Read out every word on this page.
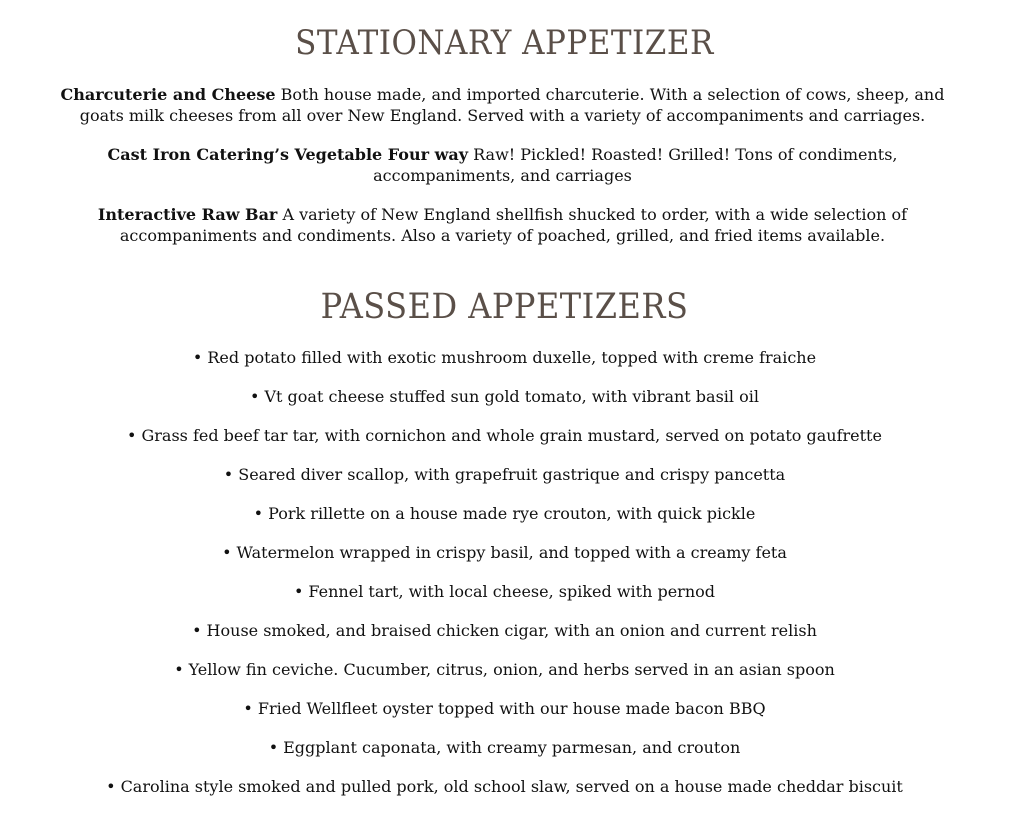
STATIONARY APPETIZER

Charcuterie and Cheese Both house made, and imported charcuterie. With a selection of cows, sheep, and goats milk cheeses from all over New England. Served with a variety of accompaniments and carriages.

Cast Iron Catering’s Vegetable Four way Raw! Pickled! Roasted! Grilled! Tons of condiments, accompaniments, and carriages

Interactive Raw Bar A variety of New England shellfish shucked to order, with a wide selection of accompaniments and condiments. Also a variety of poached, grilled, and fried items available.

PASSED APPETIZERS
• Red potato filled with exotic mushroom duxelle, topped with creme fraiche
• Vt goat cheese stuffed sun gold tomato, with vibrant basil oil
• Grass fed beef tar tar, with cornichon and whole grain mustard, served on potato gaufrette
• Seared diver scallop, with grapefruit gastrique and crispy pancetta
• Pork rillette on a house made rye crouton, with quick pickle
• Watermelon wrapped in crispy basil, and topped with a creamy feta
• Fennel tart, with local cheese, spiked with pernod
• House smoked, and braised chicken cigar, with an onion and current relish
• Yellow fin ceviche. Cucumber, citrus, onion, and herbs served in an asian spoon
• Fried Wellfleet oyster topped with our house made bacon BBQ
• Eggplant caponata, with creamy parmesan, and crouton
• Carolina style smoked and pulled pork, old school slaw, served on a house made cheddar biscuit
